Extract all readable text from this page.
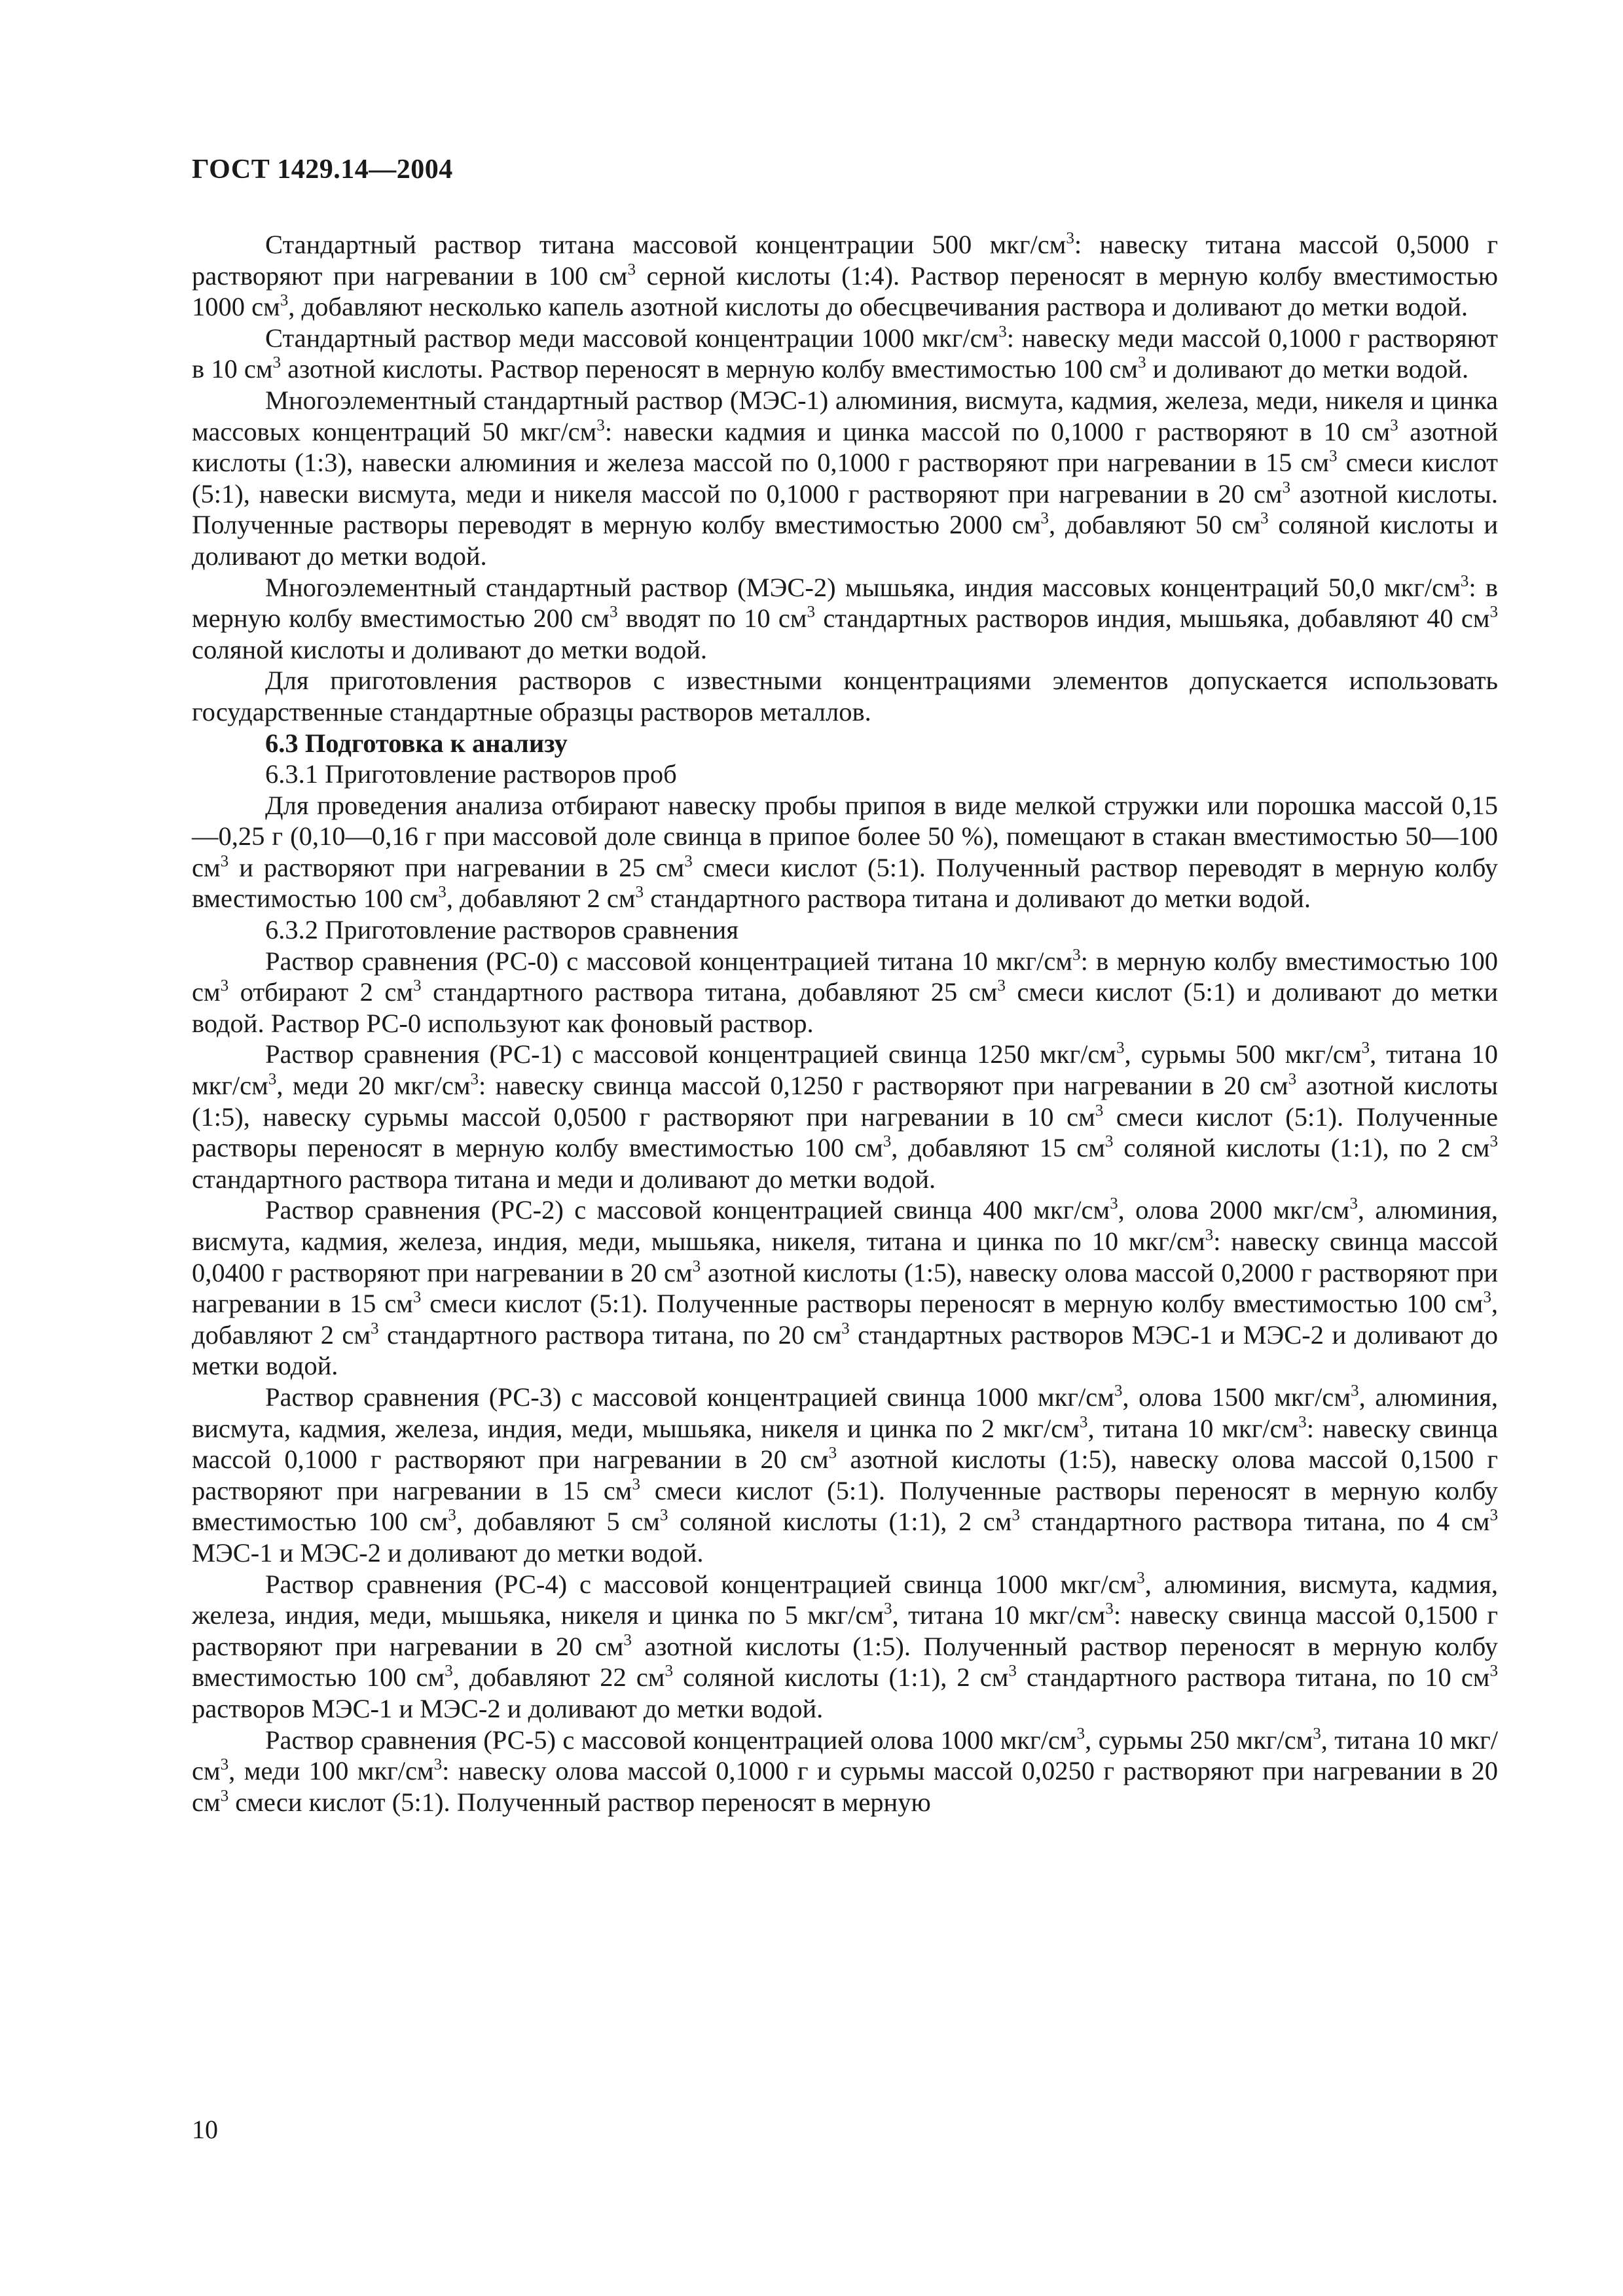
ГОСТ 1429.14—2004

Стандартный раствор титана массовой концентрации 500 мкг/$см^3$: навеску титана массой 0,5000 г растворяют при нагревании в 100 $см^3$ серной кислоты (1:4). Раствор переносят в мерную колбу вместимостью 1000 $см^3$, добавляют несколько капель азотной кислоты до обесцвечивания раствора и доливают до метки водой.

Стандартный раствор меди массовой концентрации 1000 мкг/$см^3$: навеску меди массой 0,1000 г растворяют в 10 $см^3$ азотной кислоты. Раствор переносят в мерную колбу вместимостью 100 $см^3$ и доливают до метки водой.

Многоэлементный стандартный раствор (МЭС-1) алюминия, висмута, кадмия, железа, меди, никеля и цинка массовых концентраций 50 мкг/$см^3$: навески кадмия и цинка массой по 0,1000 г растворяют в 10 $см^3$ азотной кислоты (1:3), навески алюминия и железа массой по 0,1000 г растворяют при нагревании в 15 $см^3$ смеси кислот (5:1), навески висмута, меди и никеля массой по 0,1000 г растворяют при нагревании в 20 $см^3$ азотной кислоты. Полученные растворы переводят в мерную колбу вместимостью 2000 $см^3$, добавляют 50 $см^3$ соляной кислоты и доливают до метки водой.

Многоэлементный стандартный раствор (МЭС-2) мышьяка, индия массовых концентраций 50,0 мкг/$см^3$: в мерную колбу вместимостью 200 $см^3$ вводят по 10 $см^3$ стандартных растворов индия, мышьяка, добавляют 40 $см^3$ соляной кислоты и доливают до метки водой.

Для приготовления растворов с известными концентрациями элементов допускается использовать государственные стандартные образцы растворов металлов.

6.3 Подготовка к анализу

6.3.1 Приготовление растворов проб

Для проведения анализа отбирают навеску пробы припоя в виде мелкой стружки или порошка массой 0,15—0,25 г (0,10—0,16 г при массовой доле свинца в припое более 50 %), помещают в стакан вместимостью 50—100 $см^3$ и растворяют при нагревании в 25 $см^3$ смеси кислот (5:1). Полученный раствор переводят в мерную колбу вместимостью 100 $см^3$, добавляют 2 $см^3$ стандартного раствора титана и доливают до метки водой.

6.3.2 Приготовление растворов сравнения

Раствор сравнения (РС-0) с массовой концентрацией титана 10 мкг/$см^3$: в мерную колбу вместимостью 100 $см^3$ отбирают 2 $см^3$ стандартного раствора титана, добавляют 25 $см^3$ смеси кислот (5:1) и доливают до метки водой. Раствор РС-0 используют как фоновый раствор.

Раствор сравнения (РС-1) с массовой концентрацией свинца 1250 мкг/$см^3$, сурьмы 500 мкг/$см^3$, титана 10 мкг/$см^3$, меди 20 мкг/$см^3$: навеску свинца массой 0,1250 г растворяют при нагревании в 20 $см^3$ азотной кислоты (1:5), навеску сурьмы массой 0,0500 г растворяют при нагревании в 10 $см^3$ смеси кислот (5:1). Полученные растворы переносят в мерную колбу вместимостью 100 $см^3$, добавляют 15 $см^3$ соляной кислоты (1:1), по 2 $см^3$ стандартного раствора титана и меди и доливают до метки водой.

Раствор сравнения (РС-2) с массовой концентрацией свинца 400 мкг/$см^3$, олова 2000 мкг/$см^3$, алюминия, висмута, кадмия, железа, индия, меди, мышьяка, никеля, титана и цинка по 10 мкг/$см^3$: навеску свинца массой 0,0400 г растворяют при нагревании в 20 $см^3$ азотной кислоты (1:5), навеску олова массой 0,2000 г растворяют при нагревании в 15 $см^3$ смеси кислот (5:1). Полученные растворы переносят в мерную колбу вместимостью 100 $см^3$, добавляют 2 $см^3$ стандартного раствора титана, по 20 $см^3$ стандартных растворов МЭС-1 и МЭС-2 и доливают до метки водой.

Раствор сравнения (РС-3) с массовой концентрацией свинца 1000 мкг/$см^3$, олова 1500 мкг/$см^3$, алюминия, висмута, кадмия, железа, индия, меди, мышьяка, никеля и цинка по 2 мкг/$см^3$, титана 10 мкг/$см^3$: навеску свинца массой 0,1000 г растворяют при нагревании в 20 $см^3$ азотной кислоты (1:5), навеску олова массой 0,1500 г растворяют при нагревании в 15 $см^3$ смеси кислот (5:1). Полученные растворы переносят в мерную колбу вместимостью 100 $см^3$, добавляют 5 $см^3$ соляной кислоты (1:1), 2 $см^3$ стандартного раствора титана, по 4 $см^3$ МЭС-1 и МЭС-2 и доливают до метки водой.

Раствор сравнения (РС-4) с массовой концентрацией свинца 1000 мкг/$см^3$, алюминия, висмута, кадмия, железа, индия, меди, мышьяка, никеля и цинка по 5 мкг/$см^3$, титана 10 мкг/$см^3$: навеску свинца массой 0,1500 г растворяют при нагревании в 20 $см^3$ азотной кислоты (1:5). Полученный раствор переносят в мерную колбу вместимостью 100 $см^3$, добавляют 22 $см^3$ соляной кислоты (1:1), 2 $см^3$ стандартного раствора титана, по 10 $см^3$ растворов МЭС-1 и МЭС-2 и доливают до метки водой.

Раствор сравнения (РС-5) с массовой концентрацией олова 1000 мкг/$см^3$, сурьмы 250 мкг/$см^3$, титана 10 мкг/$см^3$, меди 100 мкг/$см^3$: навеску олова массой 0,1000 г и сурьмы массой 0,0250 г растворяют при нагревании в 20 $см^3$ смеси кислот (5:1). Полученный раствор переносят в мерную

10
